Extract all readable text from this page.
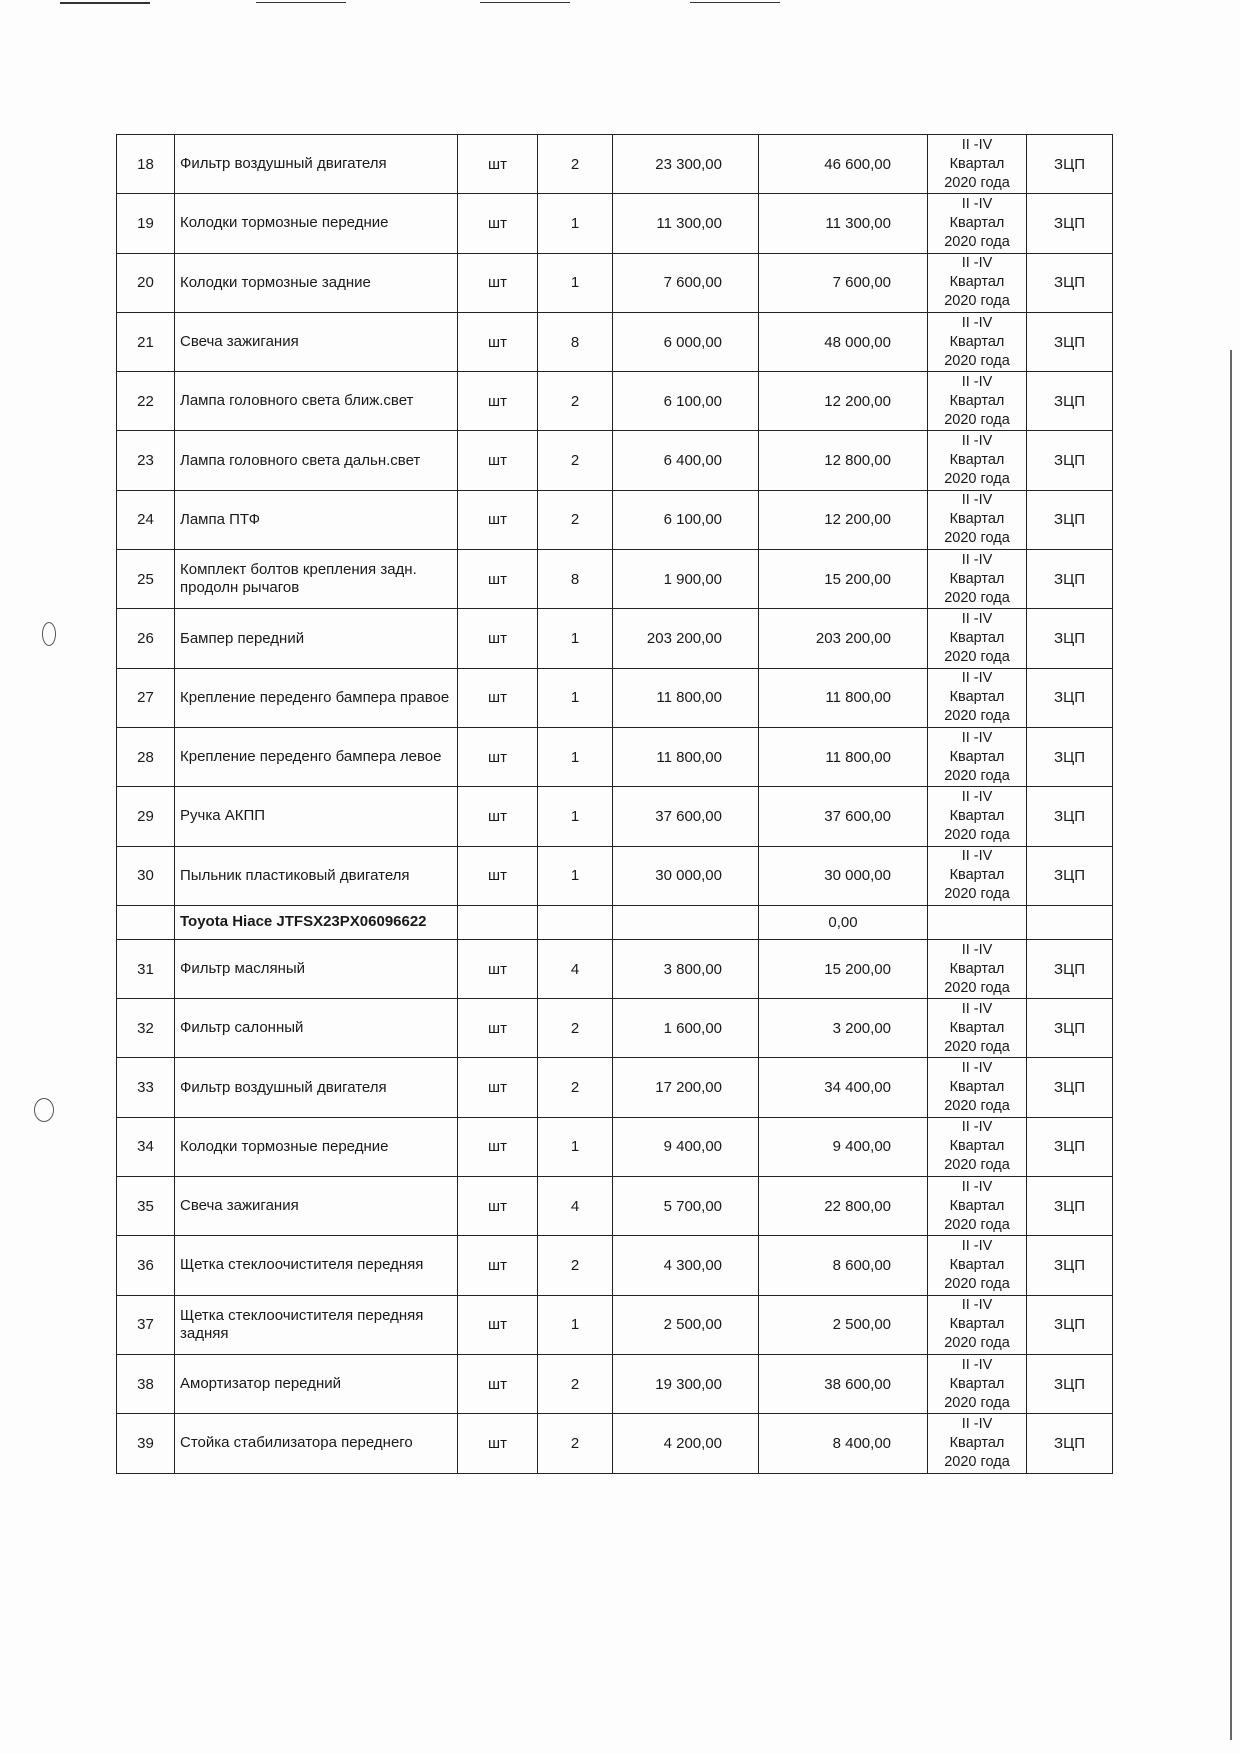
18	Фильтр воздушный двигателя	шт	2	23 300,00	46 600,00	II -IV
Квартал
2020 года	ЗЦП
19	Колодки тормозные передние	шт	1	11 300,00	11 300,00	II -IV
Квартал
2020 года	ЗЦП
20	Колодки тормозные задние	шт	1	7 600,00	7 600,00	II -IV
Квартал
2020 года	ЗЦП
21	Свеча зажигания	шт	8	6 000,00	48 000,00	II -IV
Квартал
2020 года	ЗЦП
22	Лампа головного света ближ.свет	шт	2	6 100,00	12 200,00	II -IV
Квартал
2020 года	ЗЦП
23	Лампа головного света дальн.свет	шт	2	6 400,00	12 800,00	II -IV
Квартал
2020 года	ЗЦП
24	Лампа ПТФ	шт	2	6 100,00	12 200,00	II -IV
Квартал
2020 года	ЗЦП
25	Комплект болтов крепления задн. продолн рычагов	шт	8	1 900,00	15 200,00	II -IV
Квартал
2020 года	ЗЦП
26	Бампер передний	шт	1	203 200,00	203 200,00	II -IV
Квартал
2020 года	ЗЦП
27	Крепление переденго бампера правое	шт	1	11 800,00	11 800,00	II -IV
Квартал
2020 года	ЗЦП
28	Крепление переденго бампера левое	шт	1	11 800,00	11 800,00	II -IV
Квартал
2020 года	ЗЦП
29	Ручка АКПП	шт	1	37 600,00	37 600,00	II -IV
Квартал
2020 года	ЗЦП
30	Пыльник пластиковый двигателя	шт	1	30 000,00	30 000,00	II -IV
Квартал
2020 года	ЗЦП
	Toyota Hiace JTFSX23PX06096622				0,00		
31	Фильтр масляный	шт	4	3 800,00	15 200,00	II -IV
Квартал
2020 года	ЗЦП
32	Фильтр салонный	шт	2	1 600,00	3 200,00	II -IV
Квартал
2020 года	ЗЦП
33	Фильтр воздушный двигателя	шт	2	17 200,00	34 400,00	II -IV
Квартал
2020 года	ЗЦП
34	Колодки тормозные передние	шт	1	9 400,00	9 400,00	II -IV
Квартал
2020 года	ЗЦП
35	Свеча зажигания	шт	4	5 700,00	22 800,00	II -IV
Квартал
2020 года	ЗЦП
36	Щетка стеклоочистителя передняя	шт	2	4 300,00	8 600,00	II -IV
Квартал
2020 года	ЗЦП
37	Щетка стеклоочистителя передняя задняя	шт	1	2 500,00	2 500,00	II -IV
Квартал
2020 года	ЗЦП
38	Амортизатор передний	шт	2	19 300,00	38 600,00	II -IV
Квартал
2020 года	ЗЦП
39	Стойка стабилизатора переднего	шт	2	4 200,00	8 400,00	II -IV
Квартал
2020 года	ЗЦП
